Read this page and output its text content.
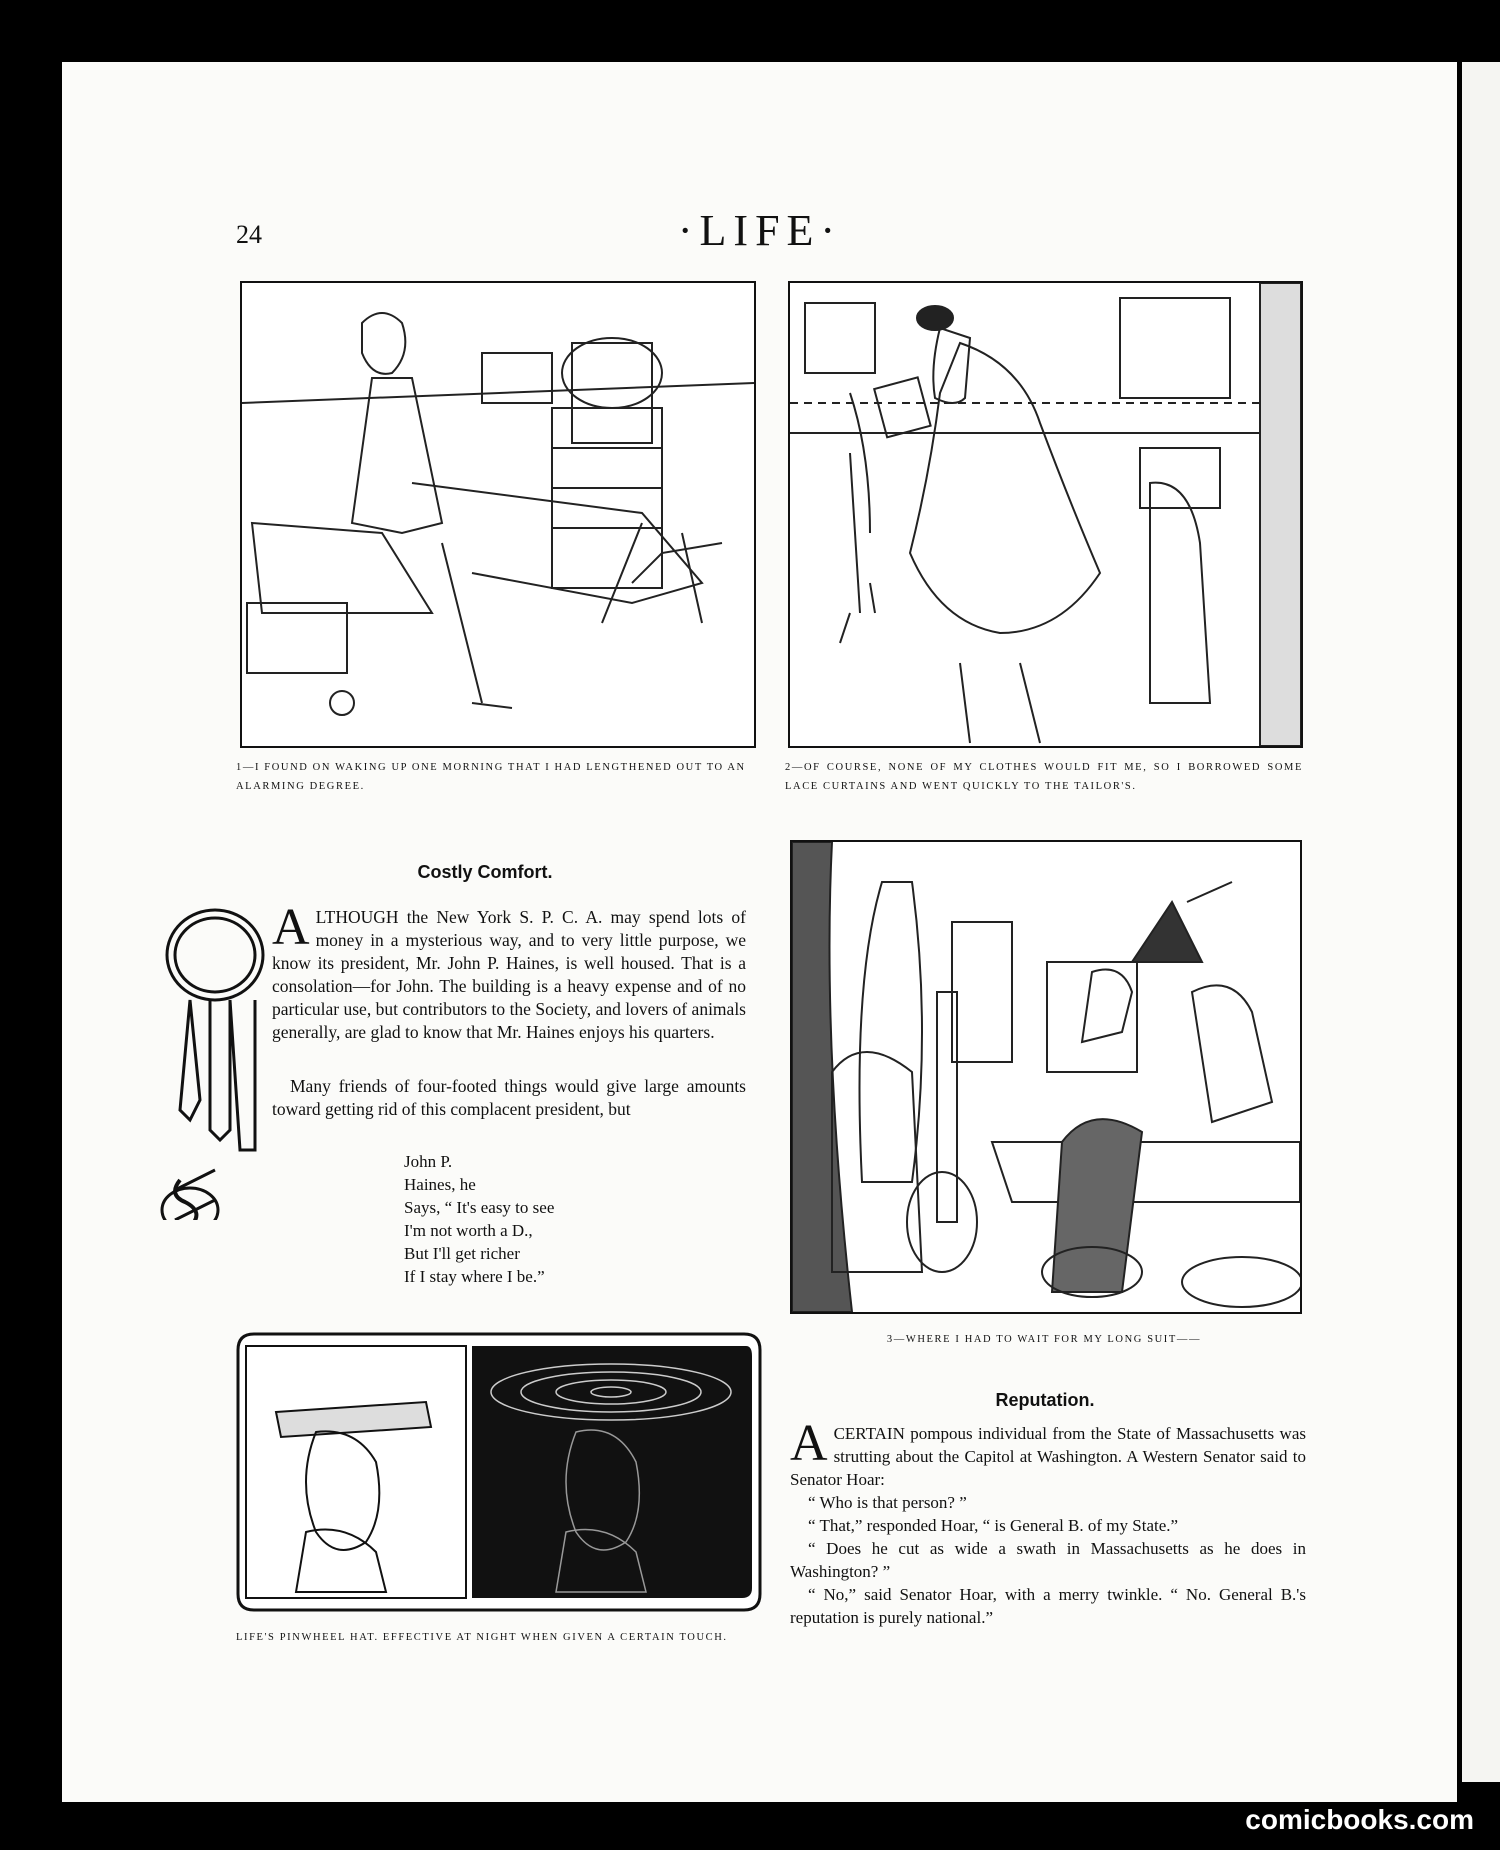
24	·LIFE·
1—I FOUND ON WAKING UP ONE MORNING THAT I HAD LENGTHENED OUT TO AN ALARMING DEGREE.
2—OF COURSE, NONE OF MY CLOTHES WOULD FIT ME, SO I BORROWED SOME LACE CURTAINS AND WENT QUICKLY TO THE TAILOR'S.
Costly Comfort.

ALTHOUGH the New York S. P. C. A. may spend lots of money in a mysterious way, and to very little purpose, we know its president, Mr. John P. Haines, is well housed. That is a consolation—for John. The building is a heavy expense and of no particular use, but contributors to the Society, and lovers of animals generally, are glad to know that Mr. Haines enjoys his quarters.

Many friends of four-footed things would give large amounts toward getting rid of this complacent president, but

John P.
Haines, he
Says, “ It's easy to see
I'm not worth a D.,
But I'll get richer
If I stay where I be.”
3—WHERE I HAD TO WAIT FOR MY LONG SUIT——
LIFE'S PINWHEEL HAT. EFFECTIVE AT NIGHT WHEN GIVEN A CERTAIN TOUCH.
Reputation.

ACERTAIN pompous individual from the State of Massachusetts was strutting about the Capitol at Washington. A Western Senator said to Senator Hoar:

“ Who is that person? ”

“ That,” responded Hoar, “ is General B. of my State.”

“ Does he cut as wide a swath in Massachusetts as he does in Washington? ”

“ No,” said Senator Hoar, with a merry twinkle. “ No. General B.'s reputation is purely national.”

comicbooks.com
